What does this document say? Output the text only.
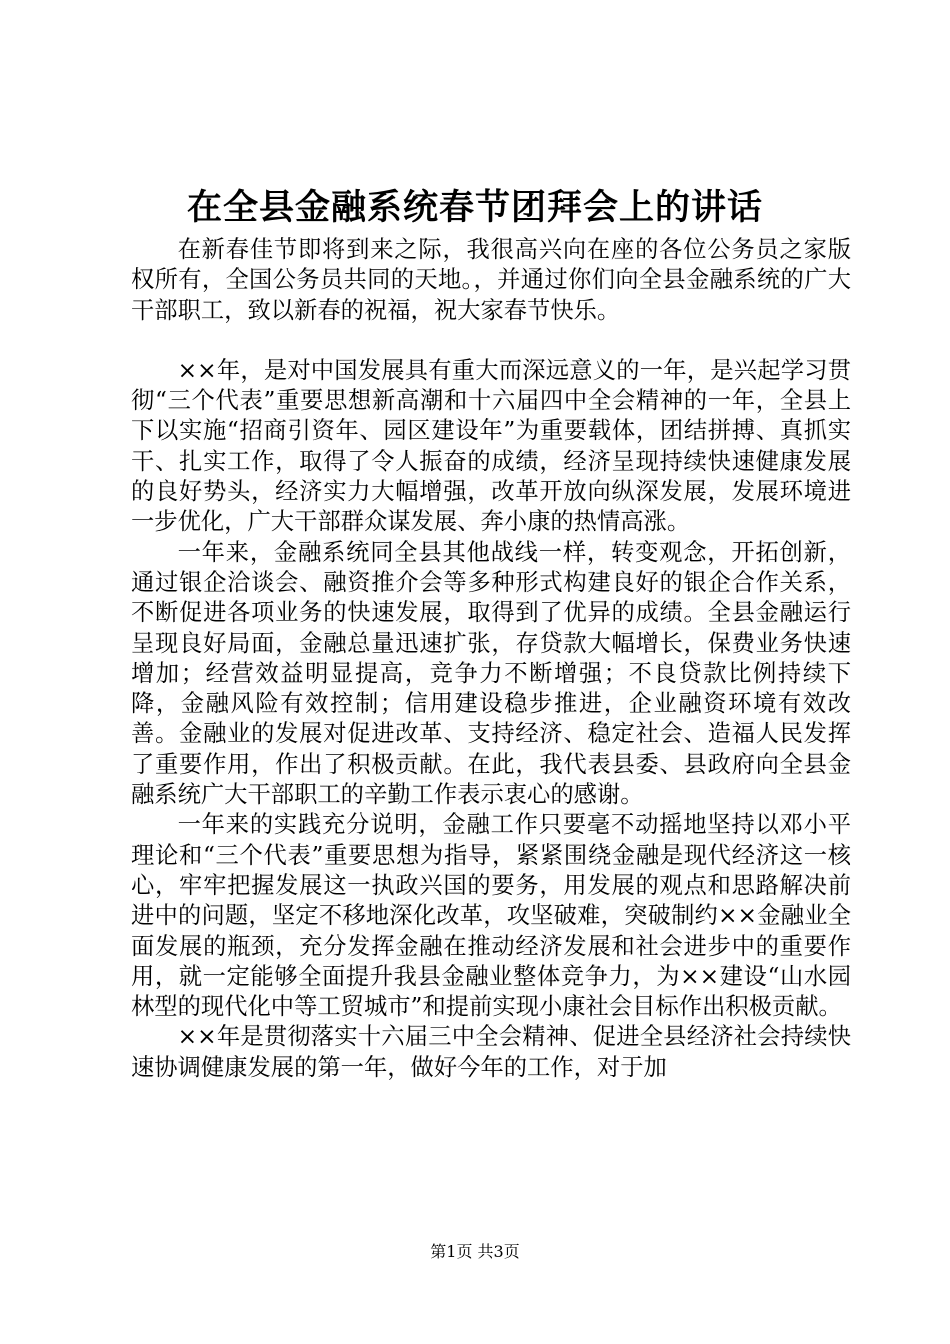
在全县金融系统春节团拜会上的讲话

在新春佳节即将到来之际，我很高兴向在座的各位公务员之家版权所有，全国公务员共同的天地。，并通过你们向全县金融系统的广大干部职工，致以新春的祝福，祝大家春节快乐。

××年，是对中国发展具有重大而深远意义的一年，是兴起学习贯彻“三个代表”重要思想新高潮和十六届四中全会精神的一年，全县上下以实施“招商引资年、园区建设年”为重要载体，团结拼搏、真抓实干、扎实工作，取得了令人振奋的成绩，经济呈现持续快速健康发展的良好势头，经济实力大幅增强，改革开放向纵深发展，发展环境进一步优化，广大干部群众谋发展、奔小康的热情高涨。

一年来，金融系统同全县其他战线一样，转变观念，开拓创新，通过银企洽谈会、融资推介会等多种形式构建良好的银企合作关系，不断促进各项业务的快速发展，取得到了优异的成绩。全县金融运行呈现良好局面，金融总量迅速扩张，存贷款大幅增长，保费业务快速增加；经营效益明显提高，竞争力不断增强；不良贷款比例持续下降，金融风险有效控制；信用建设稳步推进，企业融资环境有效改善。金融业的发展对促进改革、支持经济、稳定社会、造福人民发挥了重要作用，作出了积极贡献。在此，我代表县委、县政府向全县金融系统广大干部职工的辛勤工作表示衷心的感谢。

一年来的实践充分说明，金融工作只要毫不动摇地坚持以邓小平理论和“三个代表”重要思想为指导，紧紧围绕金融是现代经济这一核心，牢牢把握发展这一执政兴国的要务，用发展的观点和思路解决前进中的问题，坚定不移地深化改革，攻坚破难，突破制约××金融业全面发展的瓶颈，充分发挥金融在推动经济发展和社会进步中的重要作用，就一定能够全面提升我县金融业整体竞争力，为××建设“山水园林型的现代化中等工贸城市”和提前实现小康社会目标作出积极贡献。

××年是贯彻落实十六届三中全会精神、促进全县经济社会持续快速协调健康发展的第一年，做好今年的工作，对于加

第1页 共3页
